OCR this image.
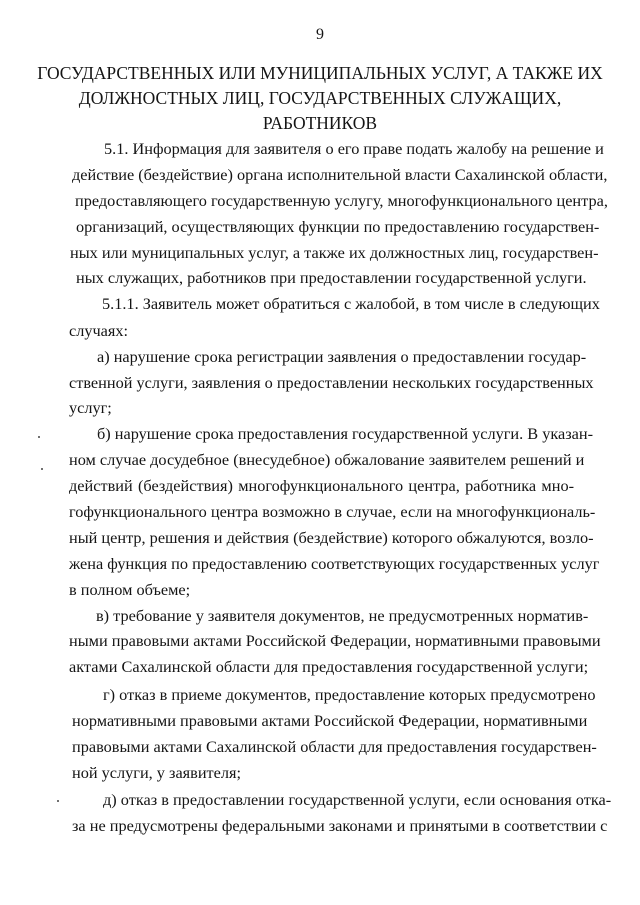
9
ГОСУДАРСТВЕННЫХ ИЛИ МУНИЦИПАЛЬНЫХ УСЛУГ, А ТАКЖЕ ИХ
ДОЛЖНОСТНЫХ ЛИЦ, ГОСУДАРСТВЕННЫХ СЛУЖАЩИХ,
РАБОТНИКОВ
5.1. Информация для заявителя о его праве подать жалобу на решение и
действие (бездействие) органа исполнительной власти Сахалинской области,
предоставляющего государственную услугу, многофункционального центра,
организаций, осуществляющих функции по предоставлению государствен-
ных или муниципальных услуг, а также их должностных лиц, государствен-
ных служащих, работников при предоставлении государственной услуги.
5.1.1. Заявитель может обратиться с жалобой, в том числе в следующих
случаях:
а) нарушение срока регистрации заявления о предоставлении государ-
ственной услуги, заявления о предоставлении нескольких государственных
услуг;
б) нарушение срока предоставления государственной услуги. В указан-
ном случае досудебное (внесудебное) обжалование заявителем решений и
действий (бездействия) многофункционального центра, работника мно-
гофункционального центра возможно в случае, если на многофункциональ-
ный центр, решения и действия (бездействие) которого обжалуются, возло-
жена функция по предоставлению соответствующих государственных услуг
в полном объеме;
в) требование у заявителя документов, не предусмотренных норматив-
ными правовыми актами Российской Федерации, нормативными правовыми
актами Сахалинской области для предоставления государственной услуги;
г) отказ в приеме документов, предоставление которых предусмотрено
нормативными правовыми актами Российской Федерации, нормативными
правовыми актами Сахалинской области для предоставления государствен-
ной услуги, у заявителя;
д) отказ в предоставлении государственной услуги, если основания отка-
за не предусмотрены федеральными законами и принятыми в соответствии с
